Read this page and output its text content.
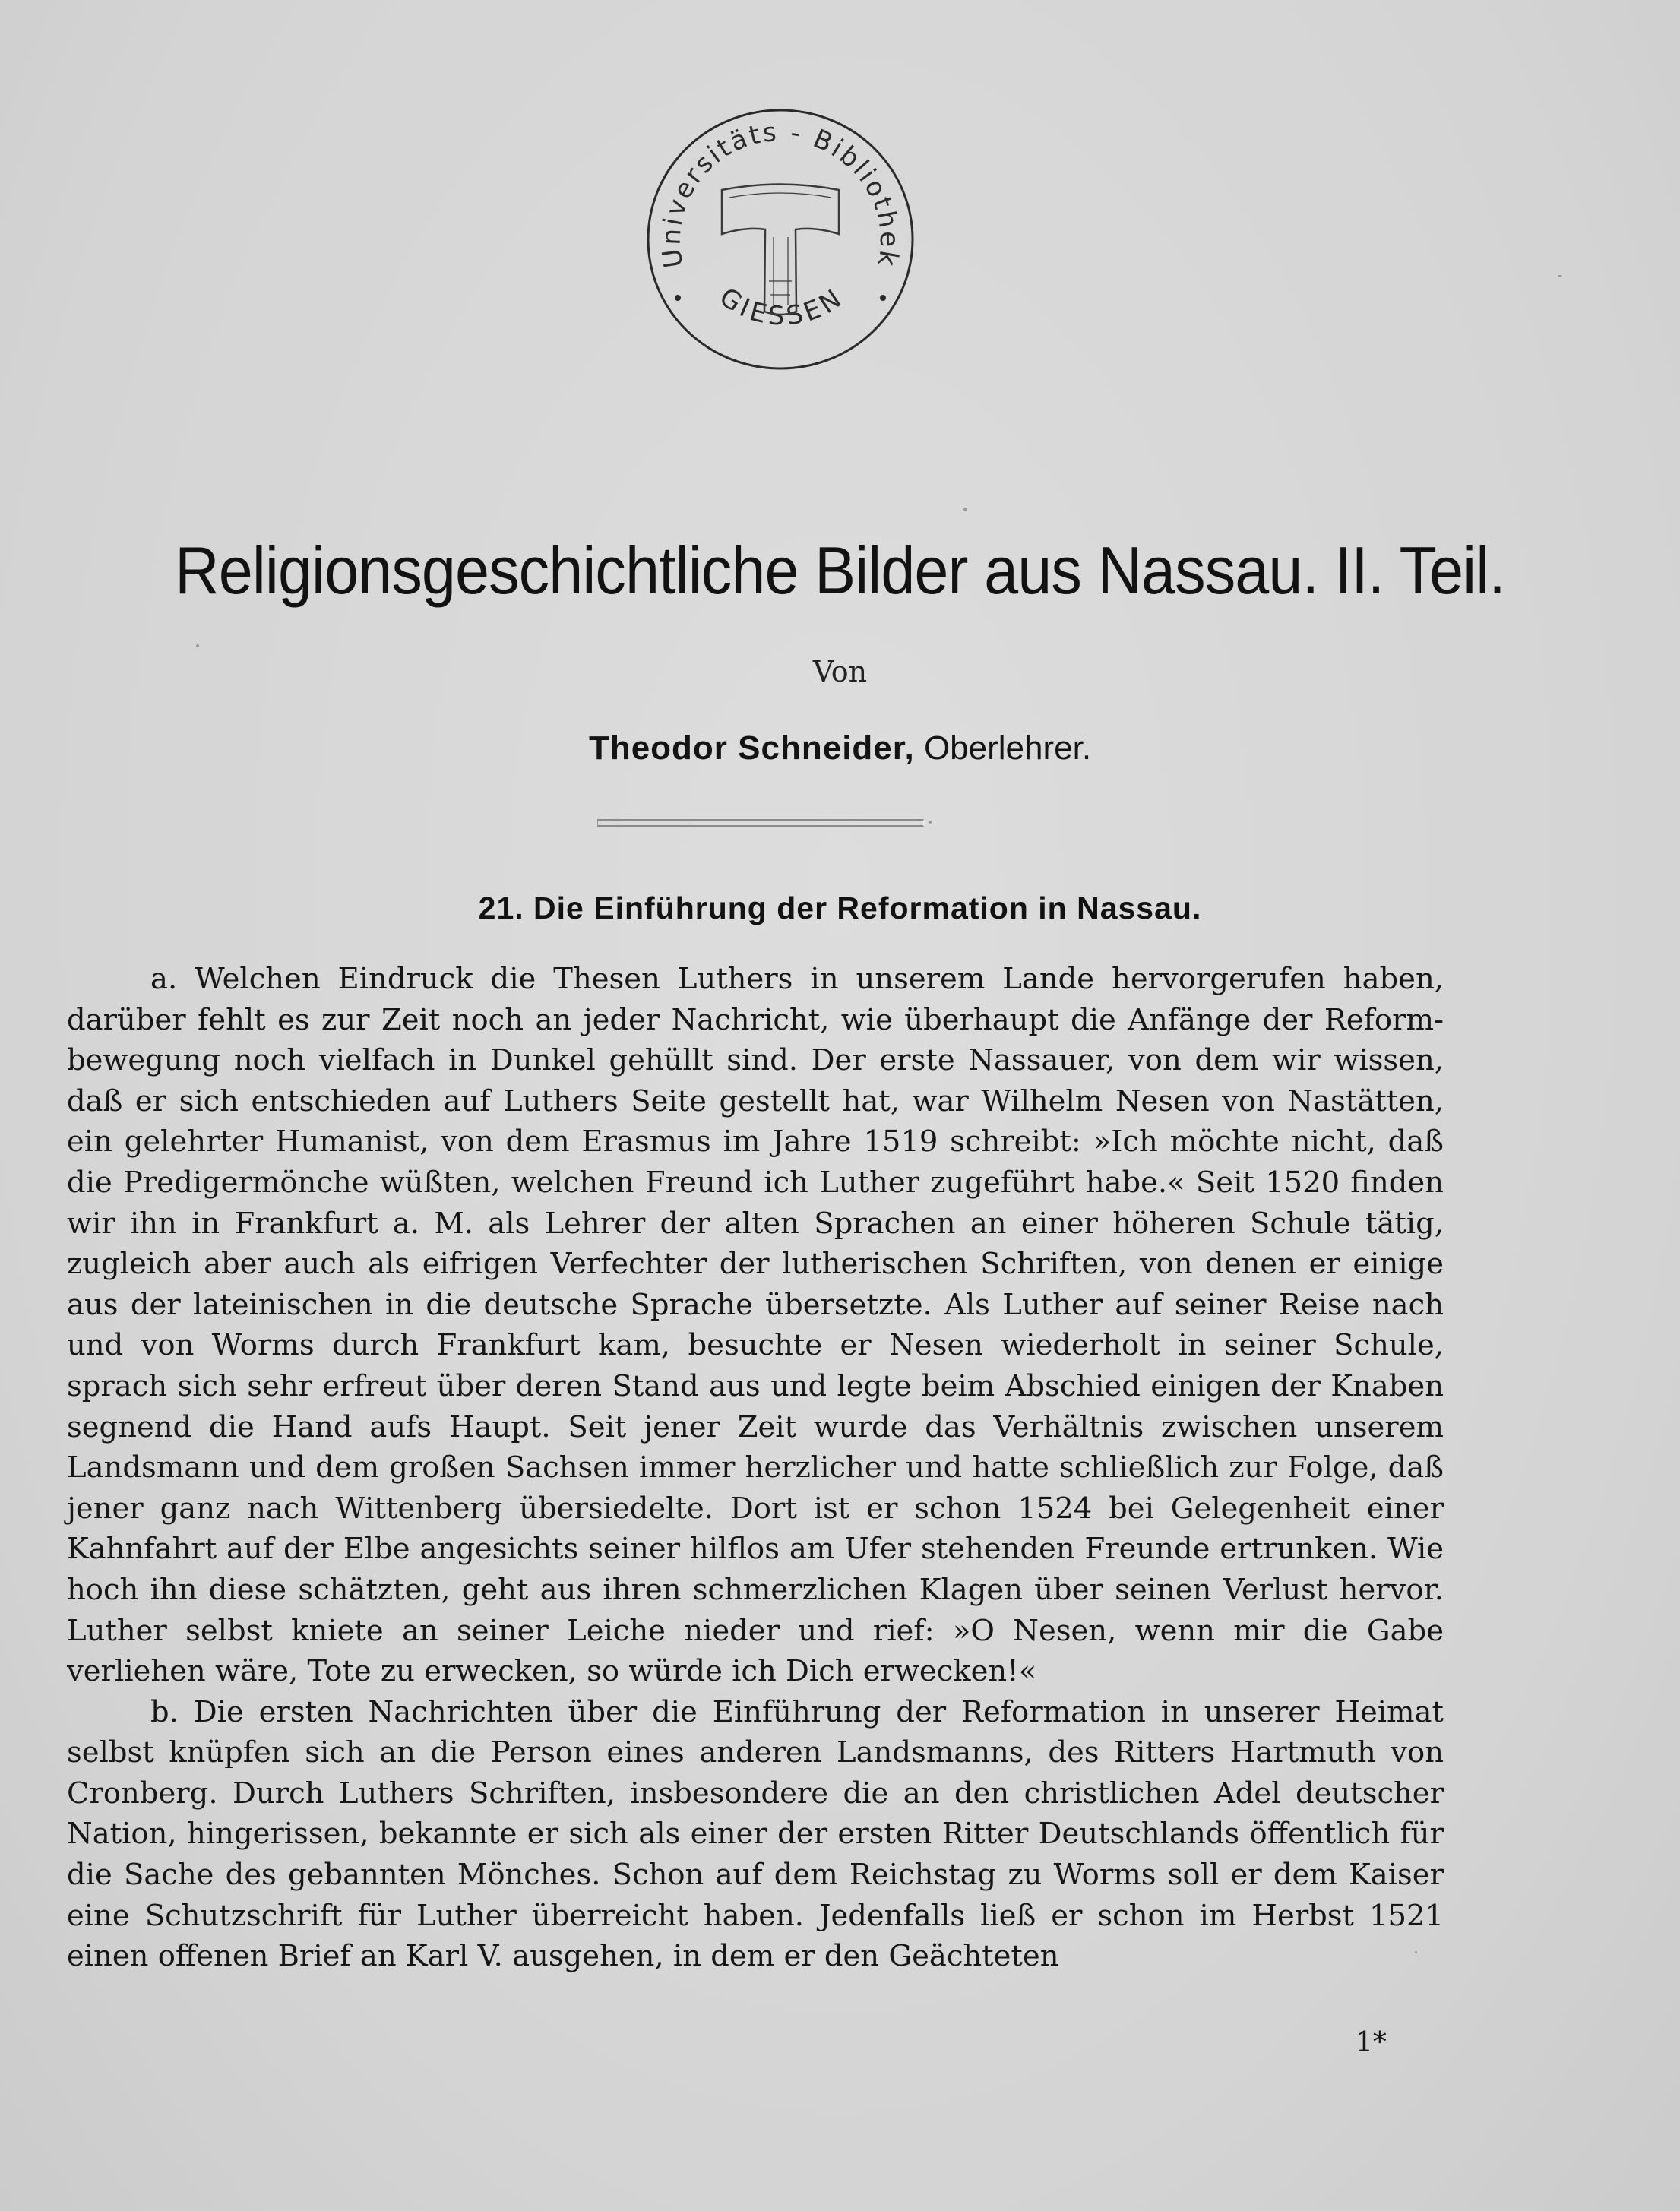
Universitäts - Bibliothek
GIESSEN
Religionsgeschichtliche Bilder aus Nassau. II. Teil.

Von

Theodor Schneider, Oberlehrer.

21. Die Einführung der Reformation in Nassau.

a. Welchen Eindruck die Thesen Luthers in unserem Lande hervorgerufen haben, darüber fehlt es zur Zeit noch an jeder Nachricht, wie überhaupt die Anfänge der Reformbewegung noch vielfach in Dunkel gehüllt sind. Der erste Nassauer, von dem wir wissen, daß er sich entschieden auf Luthers Seite gestellt hat, war Wilhelm Nesen von Nastätten, ein gelehrter Humanist, von dem Erasmus im Jahre 1519 schreibt: »Ich möchte nicht, daß die Predigermönche wüßten, welchen Freund ich Luther zugeführt habe.« Seit 1520 finden wir ihn in Frankfurt a. M. als Lehrer der alten Sprachen an einer höheren Schule tätig, zugleich aber auch als eifrigen Verfechter der lutherischen Schriften, von denen er einige aus der lateinischen in die deutsche Sprache übersetzte. Als Luther auf seiner Reise nach und von Worms durch Frankfurt kam, besuchte er Nesen wiederholt in seiner Schule, sprach sich sehr erfreut über deren Stand aus und legte beim Abschied einigen der Knaben segnend die Hand aufs Haupt. Seit jener Zeit wurde das Verhältnis zwischen unserem Landsmann und dem großen Sachsen immer herzlicher und hatte schließlich zur Folge, daß jener ganz nach Wittenberg übersiedelte. Dort ist er schon 1524 bei Gelegenheit einer Kahnfahrt auf der Elbe angesichts seiner hilflos am Ufer stehenden Freunde ertrunken. Wie hoch ihn diese schätzten, geht aus ihren schmerzlichen Klagen über seinen Verlust hervor. Luther selbst kniete an seiner Leiche nieder und rief: »O Nesen, wenn mir die Gabe verliehen wäre, Tote zu erwecken, so würde ich Dich erwecken!«

b. Die ersten Nachrichten über die Einführung der Reformation in unserer Heimat selbst knüpfen sich an die Person eines anderen Landsmanns, des Ritters Hartmuth von Cronberg. Durch Luthers Schriften, insbesondere die an den christlichen Adel deutscher Nation, hingerissen, bekannte er sich als einer der ersten Ritter Deutschlands öffentlich für die Sache des gebannten Mönches. Schon auf dem Reichstag zu Worms soll er dem Kaiser eine Schutzschrift für Luther überreicht haben. Jedenfalls ließ er schon im Herbst 1521 einen offenen Brief an Karl V. ausgehen, in dem er den Geächteten

1*
